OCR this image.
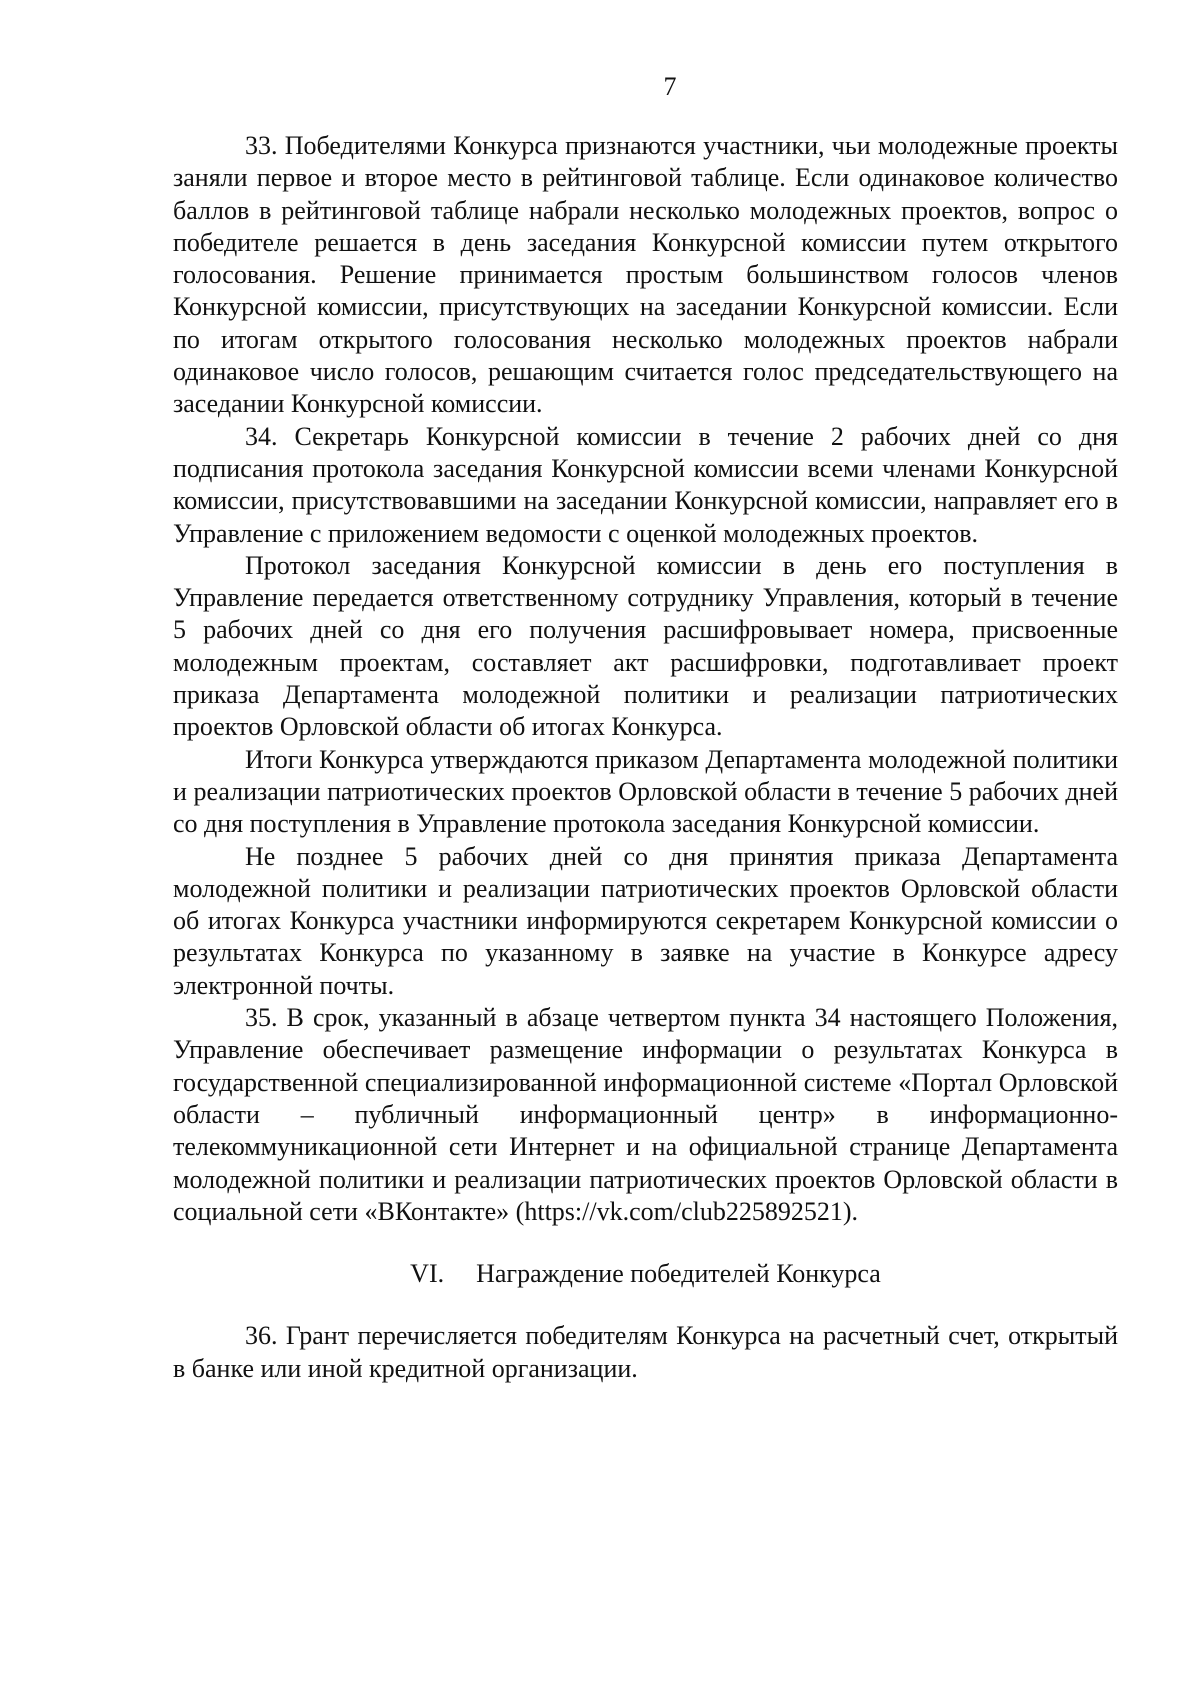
7

33. Победителями Конкурса признаются участники, чьи молодежные проекты заняли первое и второе место в рейтинговой таблице. Если одинаковое количество баллов в рейтинговой таблице набрали несколько молодежных проектов, вопрос о победителе решается в день заседания Конкурсной комиссии путем открытого голосования. Решение принимается простым большинством голосов членов Конкурсной комиссии, присутствующих на заседании Конкурсной комиссии. Если по итогам открытого голосования несколько молодежных проектов набрали одинаковое число голосов, решающим считается голос председательствующего на заседании Конкурсной комиссии.

34. Секретарь Конкурсной комиссии в течение 2 рабочих дней со дня подписания протокола заседания Конкурсной комиссии всеми членами Конкурсной комиссии, присутствовавшими на заседании Конкурсной комиссии, направляет его в Управление с приложением ведомости с оценкой молодежных проектов.

Протокол заседания Конкурсной комиссии в день его поступления в Управление передается ответственному сотруднику Управления, который в течение 5 рабочих дней со дня его получения расшифровывает номера, присвоенные молодежным проектам, составляет акт расшифровки, подготавливает проект приказа Департамента молодежной политики и реализации патриотических проектов Орловской области об итогах Конкурса.

Итоги Конкурса утверждаются приказом Департамента молодежной политики и реализации патриотических проектов Орловской области в течение 5 рабочих дней со дня поступления в Управление протокола заседания Конкурсной комиссии.

Не позднее 5 рабочих дней со дня принятия приказа Департамента молодежной политики и реализации патриотических проектов Орловской области об итогах Конкурса участники информируются секретарем Конкурсной комиссии о результатах Конкурса по указанному в заявке на участие в Конкурсе адресу электронной почты.

35. В срок, указанный в абзаце четвертом пункта 34 настоящего Положения, Управление обеспечивает размещение информации о результатах Конкурса в государственной специализированной информационной системе «Портал Орловской области – публичный информационный центр» в информационно-телекоммуникационной сети Интернет и на официальной странице Департамента молодежной политики и реализации патриотических проектов Орловской области в социальной сети «ВКонтакте» (https://vk.com/club225892521).

VI. Награждение победителей Конкурса

36. Грант перечисляется победителям Конкурса на расчетный счет, открытый в банке или иной кредитной организации.
